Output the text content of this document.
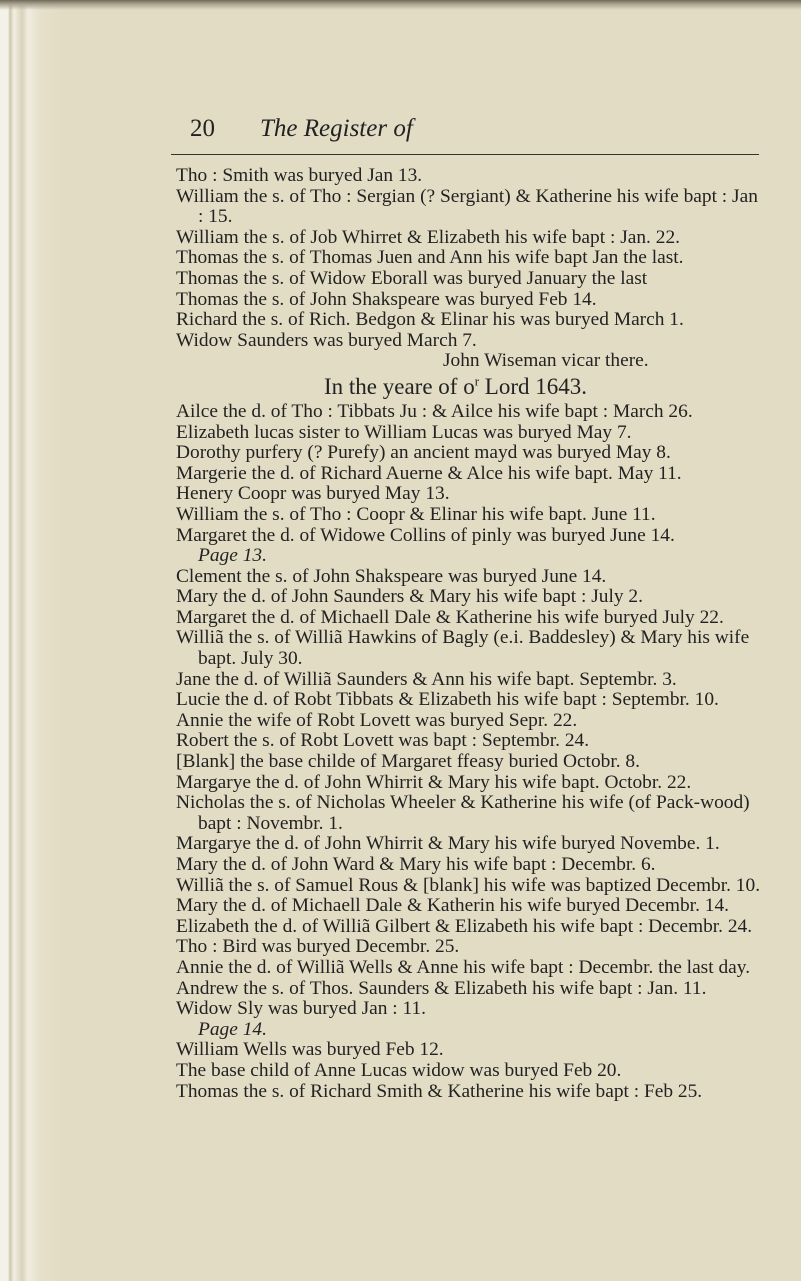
20 The Register of

Tho : Smith was buryed Jan 13.

William the s. of Tho : Sergian (? Sergiant) & Katherine his wife bapt : Jan : 15.

William the s. of Job Whirret & Elizabeth his wife bapt : Jan. 22.

Thomas the s. of Thomas Juen and Ann his wife bapt Jan the last.

Thomas the s. of Widow Eborall was buryed January the last

Thomas the s. of John Shakspeare was buryed Feb 14.

Richard the s. of Rich. Bedgon & Elinar his was buryed March 1.

Widow Saunders was buryed March 7.

John Wiseman vicar there.
In the yeare of $o^r$ Lord 1643.

Ailce the d. of Tho : Tibbats Ju : & Ailce his wife bapt : March 26.

Elizabeth lucas sister to William Lucas was buryed May 7.

Dorothy purfery (? Purefy) an ancient mayd was buryed May 8.

Margerie the d. of Richard Auerne & Alce his wife bapt. May 11.

Henery Coopr was buryed May 13.

William the s. of Tho : Coopr & Elinar his wife bapt. June 11.

Margaret the d. of Widowe Collins of pinly was buryed June 14.

Page 13.

Clement the s. of John Shakspeare was buryed June 14.

Mary the d. of John Saunders & Mary his wife bapt : July 2.

Margaret the d. of Michaell Dale & Katherine his wife buryed July 22.

Williã the s. of Williã Hawkins of Bagly (e.i. Baddesley) & Mary his wife bapt. July 30.

Jane the d. of Williã Saunders & Ann his wife bapt. Septembr. 3.

Lucie the d. of Robt Tibbats & Elizabeth his wife bapt : Septembr. 10.

Annie the wife of Robt Lovett was buryed Sepr. 22.

Robert the s. of Robt Lovett was bapt : Septembr. 24.

[Blank] the base childe of Margaret ffeasy buried Octobr. 8.

Margarye the d. of John Whirrit & Mary his wife bapt. Octobr. 22.

Nicholas the s. of Nicholas Wheeler & Katherine his wife (of Pack-wood) bapt : Novembr. 1.

Margarye the d. of John Whirrit & Mary his wife buryed Novembe. 1.

Mary the d. of John Ward & Mary his wife bapt : Decembr. 6.

Williã the s. of Samuel Rous & [blank] his wife was baptized Decembr. 10.

Mary the d. of Michaell Dale & Katherin his wife buryed Decembr. 14.

Elizabeth the d. of Williã Gilbert & Elizabeth his wife bapt : Decembr. 24.

Tho : Bird was buryed Decembr. 25.

Annie the d. of Williã Wells & Anne his wife bapt : Decembr. the last day.

Andrew the s. of Thos. Saunders & Elizabeth his wife bapt : Jan. 11.

Widow Sly was buryed Jan : 11.

Page 14.

William Wells was buryed Feb 12.

The base child of Anne Lucas widow was buryed Feb 20.

Thomas the s. of Richard Smith & Katherine his wife bapt : Feb 25.
